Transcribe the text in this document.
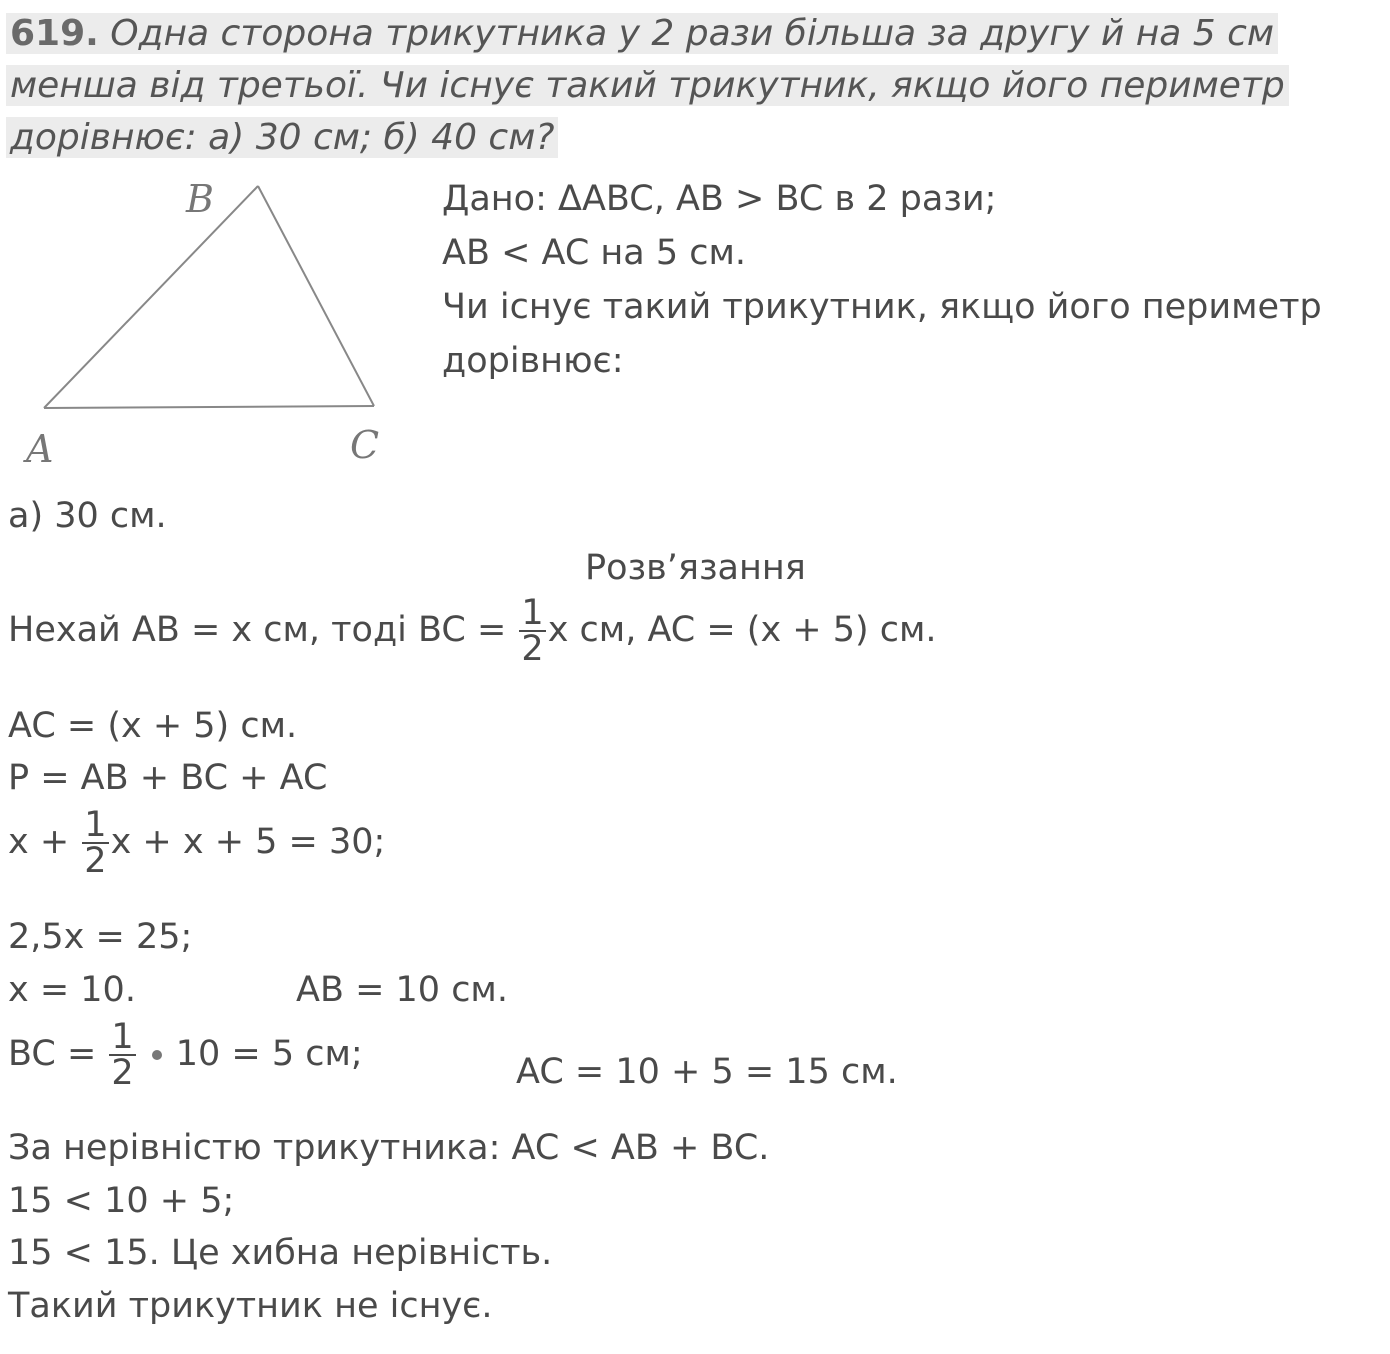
619. Одна сторона трикутника у 2 рази більша за другу й на 5 см
менша від третьої. Чи існує такий трикутник, якщо його периметр
дорівнює: а) 30 см; б) 40 см?
B
A	C
Дано: ΔABC, AB > BC в 2 рази;
AB < AC на 5 см.
Чи існує такий трикутник, якщо його периметр
дорівнює:
а) 30 см.
Розв’язання
Нехай AB = x см, тоді BC = $\frac{1}{2}$ x см, AC = (x + 5) см.
AC = (x + 5) см.
P = AB + BC + AC
$x + \frac{1}{2}$ x + x + 5 = 30;
2,5x = 25;
x = 10.	AB = 10 см.
BC = $\frac{1}{2} 10 = 5$ см;	AC = 10 + 5 = 15 см.
За нерівністю трикутника: AC < AB + BC.
15 < 10 + 5;
15 < 15. Це хибна нерівність.
Такий трикутник не існує.
